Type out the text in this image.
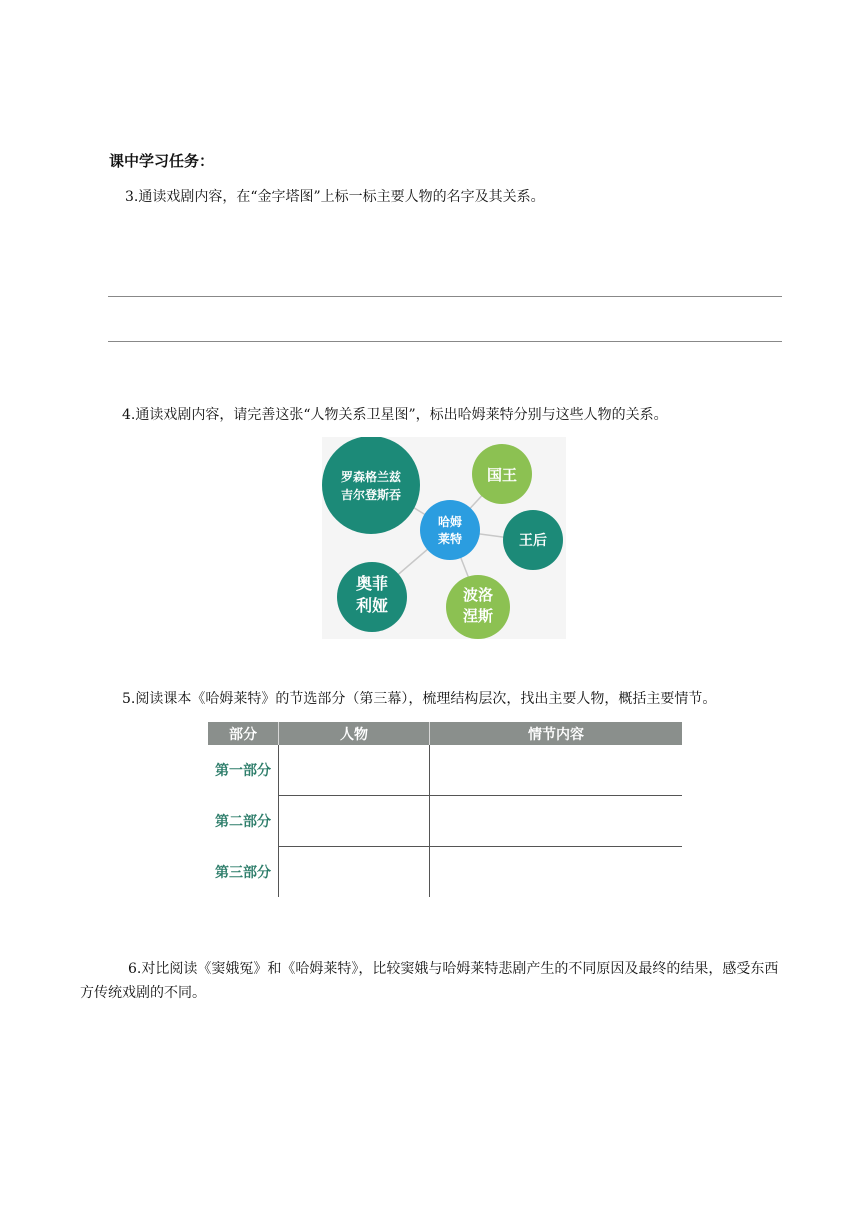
课中学习任务：
3.通读戏剧内容，在“金字塔图”上标一标主要人物的名字及其关系。
4.通读戏剧内容，请完善这张“人物关系卫星图”，标出哈姆莱特分别与这些人物的关系。
罗森格兰兹
吉尔登斯吞
国王
王后
波洛
涅斯
奥菲
利娅
哈姆
莱特
5.阅读课本《哈姆莱特》的节选部分（第三幕），梳理结构层次，找出主要人物，概括主要情节。
部分	人物	情节内容
第一部分		
第二部分		
第三部分		
6.对比阅读《窦娥冤》和《哈姆莱特》，比较窦娥与哈姆莱特悲剧产生的不同原因及最终的结果，感受东西方传统戏剧的不同。
